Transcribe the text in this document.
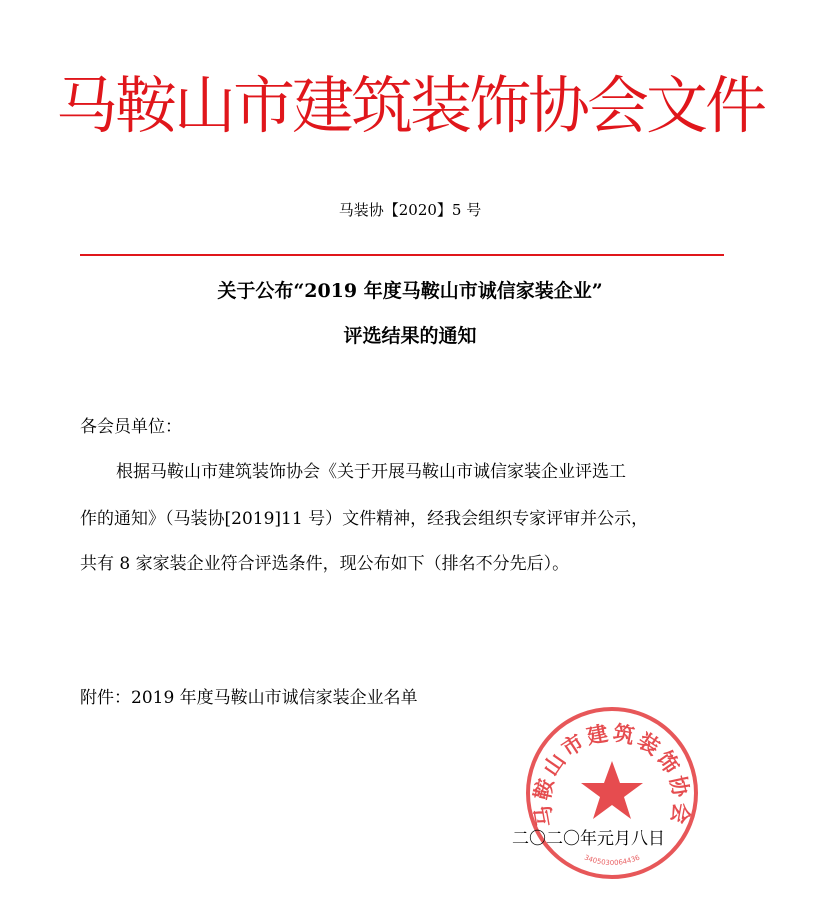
马鞍山市建筑装饰协会文件
马装协【2020】5 号
关于公布“2019 年度马鞍山市诚信家装企业”
评选结果的通知
各会员单位：
根据马鞍山市建筑装饰协会《关于开展马鞍山市诚信家装企业评选工
作的通知》（马装协[2019]11 号）文件精神，经我会组织专家评审并公示，
共有 8 家家装企业符合评选条件，现公布如下（排名不分先后）。
附件：2019 年度马鞍山市诚信家装企业名单
马鞍山市建筑装饰协会
3405030064436
二〇二〇年元月八日
